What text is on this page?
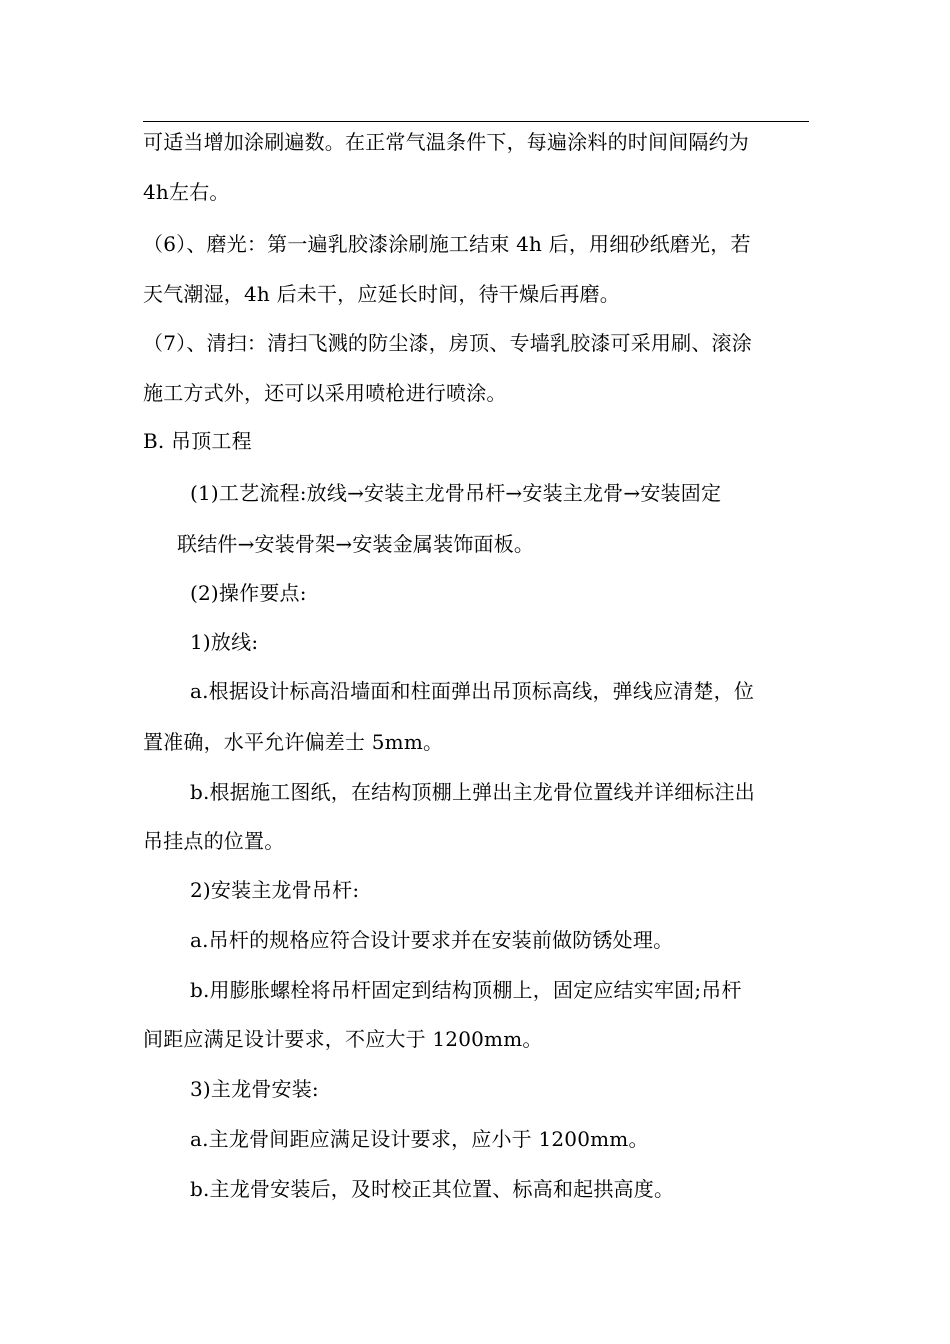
可适当增加涂刷遍数。在正常气温条件下，每遍涂料的时间间隔约为
4h左右。
（6）、磨光：第一遍乳胶漆涂刷施工结束 4h 后，用细砂纸磨光，若
天气潮湿，4h 后未干，应延长时间，待干燥后再磨。
（7）、清扫：清扫飞溅的防尘漆，房顶、专墙乳胶漆可采用刷、滚涂
施工方式外，还可以采用喷枪进行喷涂。
B. 吊顶工程
(1)工艺流程:放线→安装主龙骨吊杆→安装主龙骨→安装固定
联结件→安装骨架→安装金属装饰面板。
(2)操作要点:
1)放线:
a.根据设计标高沿墙面和柱面弹出吊顶标高线，弹线应清楚，位
置准确，水平允许偏差士 5mm。
b.根据施工图纸，在结构顶棚上弹出主龙骨位置线并详细标注出
吊挂点的位置。
2)安装主龙骨吊杆:
a.吊杆的规格应符合设计要求并在安装前做防锈处理。
b.用膨胀螺栓将吊杆固定到结构顶棚上，固定应结实牢固;吊杆
间距应满足设计要求，不应大于 1200mm。
3)主龙骨安装:
a.主龙骨间距应满足设计要求，应小于 1200mm。
b.主龙骨安装后，及时校正其位置、标高和起拱高度。
